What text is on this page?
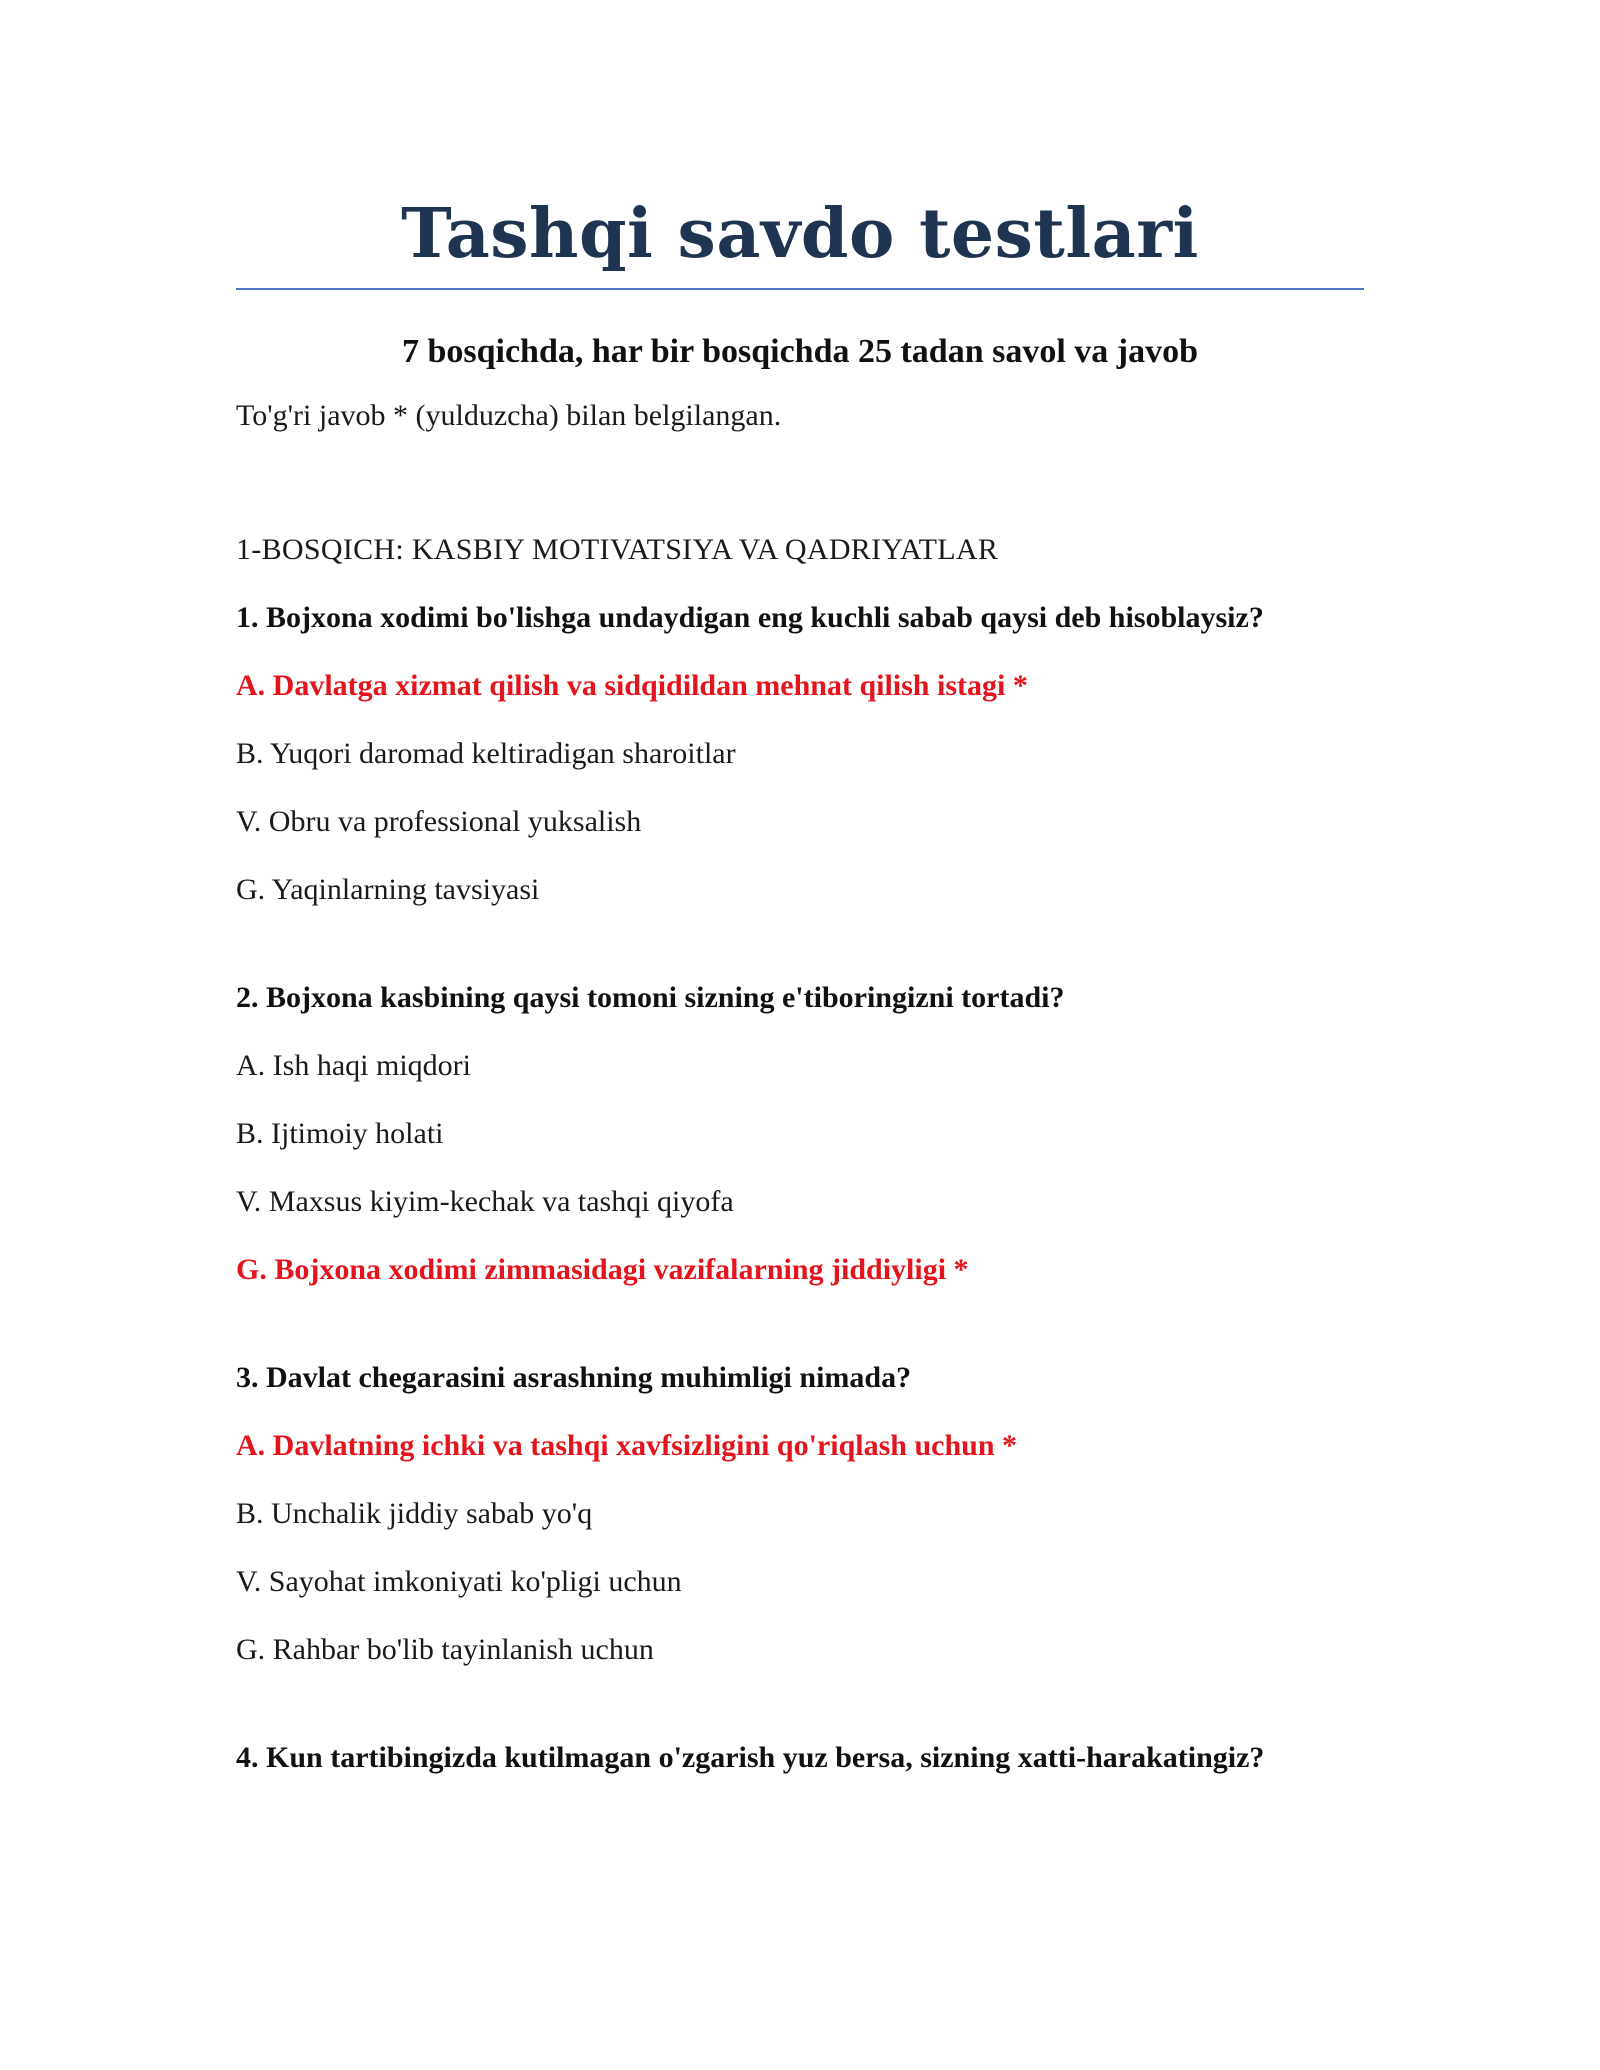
Tashqi savdo testlari
7 bosqichda, har bir bosqichda 25 tadan savol va javob

To'g'ri javob * (yulduzcha) bilan belgilangan.

1-BOSQICH: KASBIY MOTIVATSIYA VA QADRIYATLAR

1. Bojxona xodimi bo'lishga undaydigan eng kuchli sabab qaysi deb hisoblaysiz?

A. Davlatga xizmat qilish va sidqidildan mehnat qilish istagi *

B. Yuqori daromad keltiradigan sharoitlar

V. Obru va professional yuksalish

G. Yaqinlarning tavsiyasi

2. Bojxona kasbining qaysi tomoni sizning e'tiboringizni tortadi?

A. Ish haqi miqdori

B. Ijtimoiy holati

V. Maxsus kiyim-kechak va tashqi qiyofa

G. Bojxona xodimi zimmasidagi vazifalarning jiddiyligi *

3. Davlat chegarasini asrashning muhimligi nimada?

A. Davlatning ichki va tashqi xavfsizligini qo'riqlash uchun *

B. Unchalik jiddiy sabab yo'q

V. Sayohat imkoniyati ko'pligi uchun

G. Rahbar bo'lib tayinlanish uchun

4. Kun tartibingizda kutilmagan o'zgarish yuz bersa, sizning xatti-harakatingiz?
